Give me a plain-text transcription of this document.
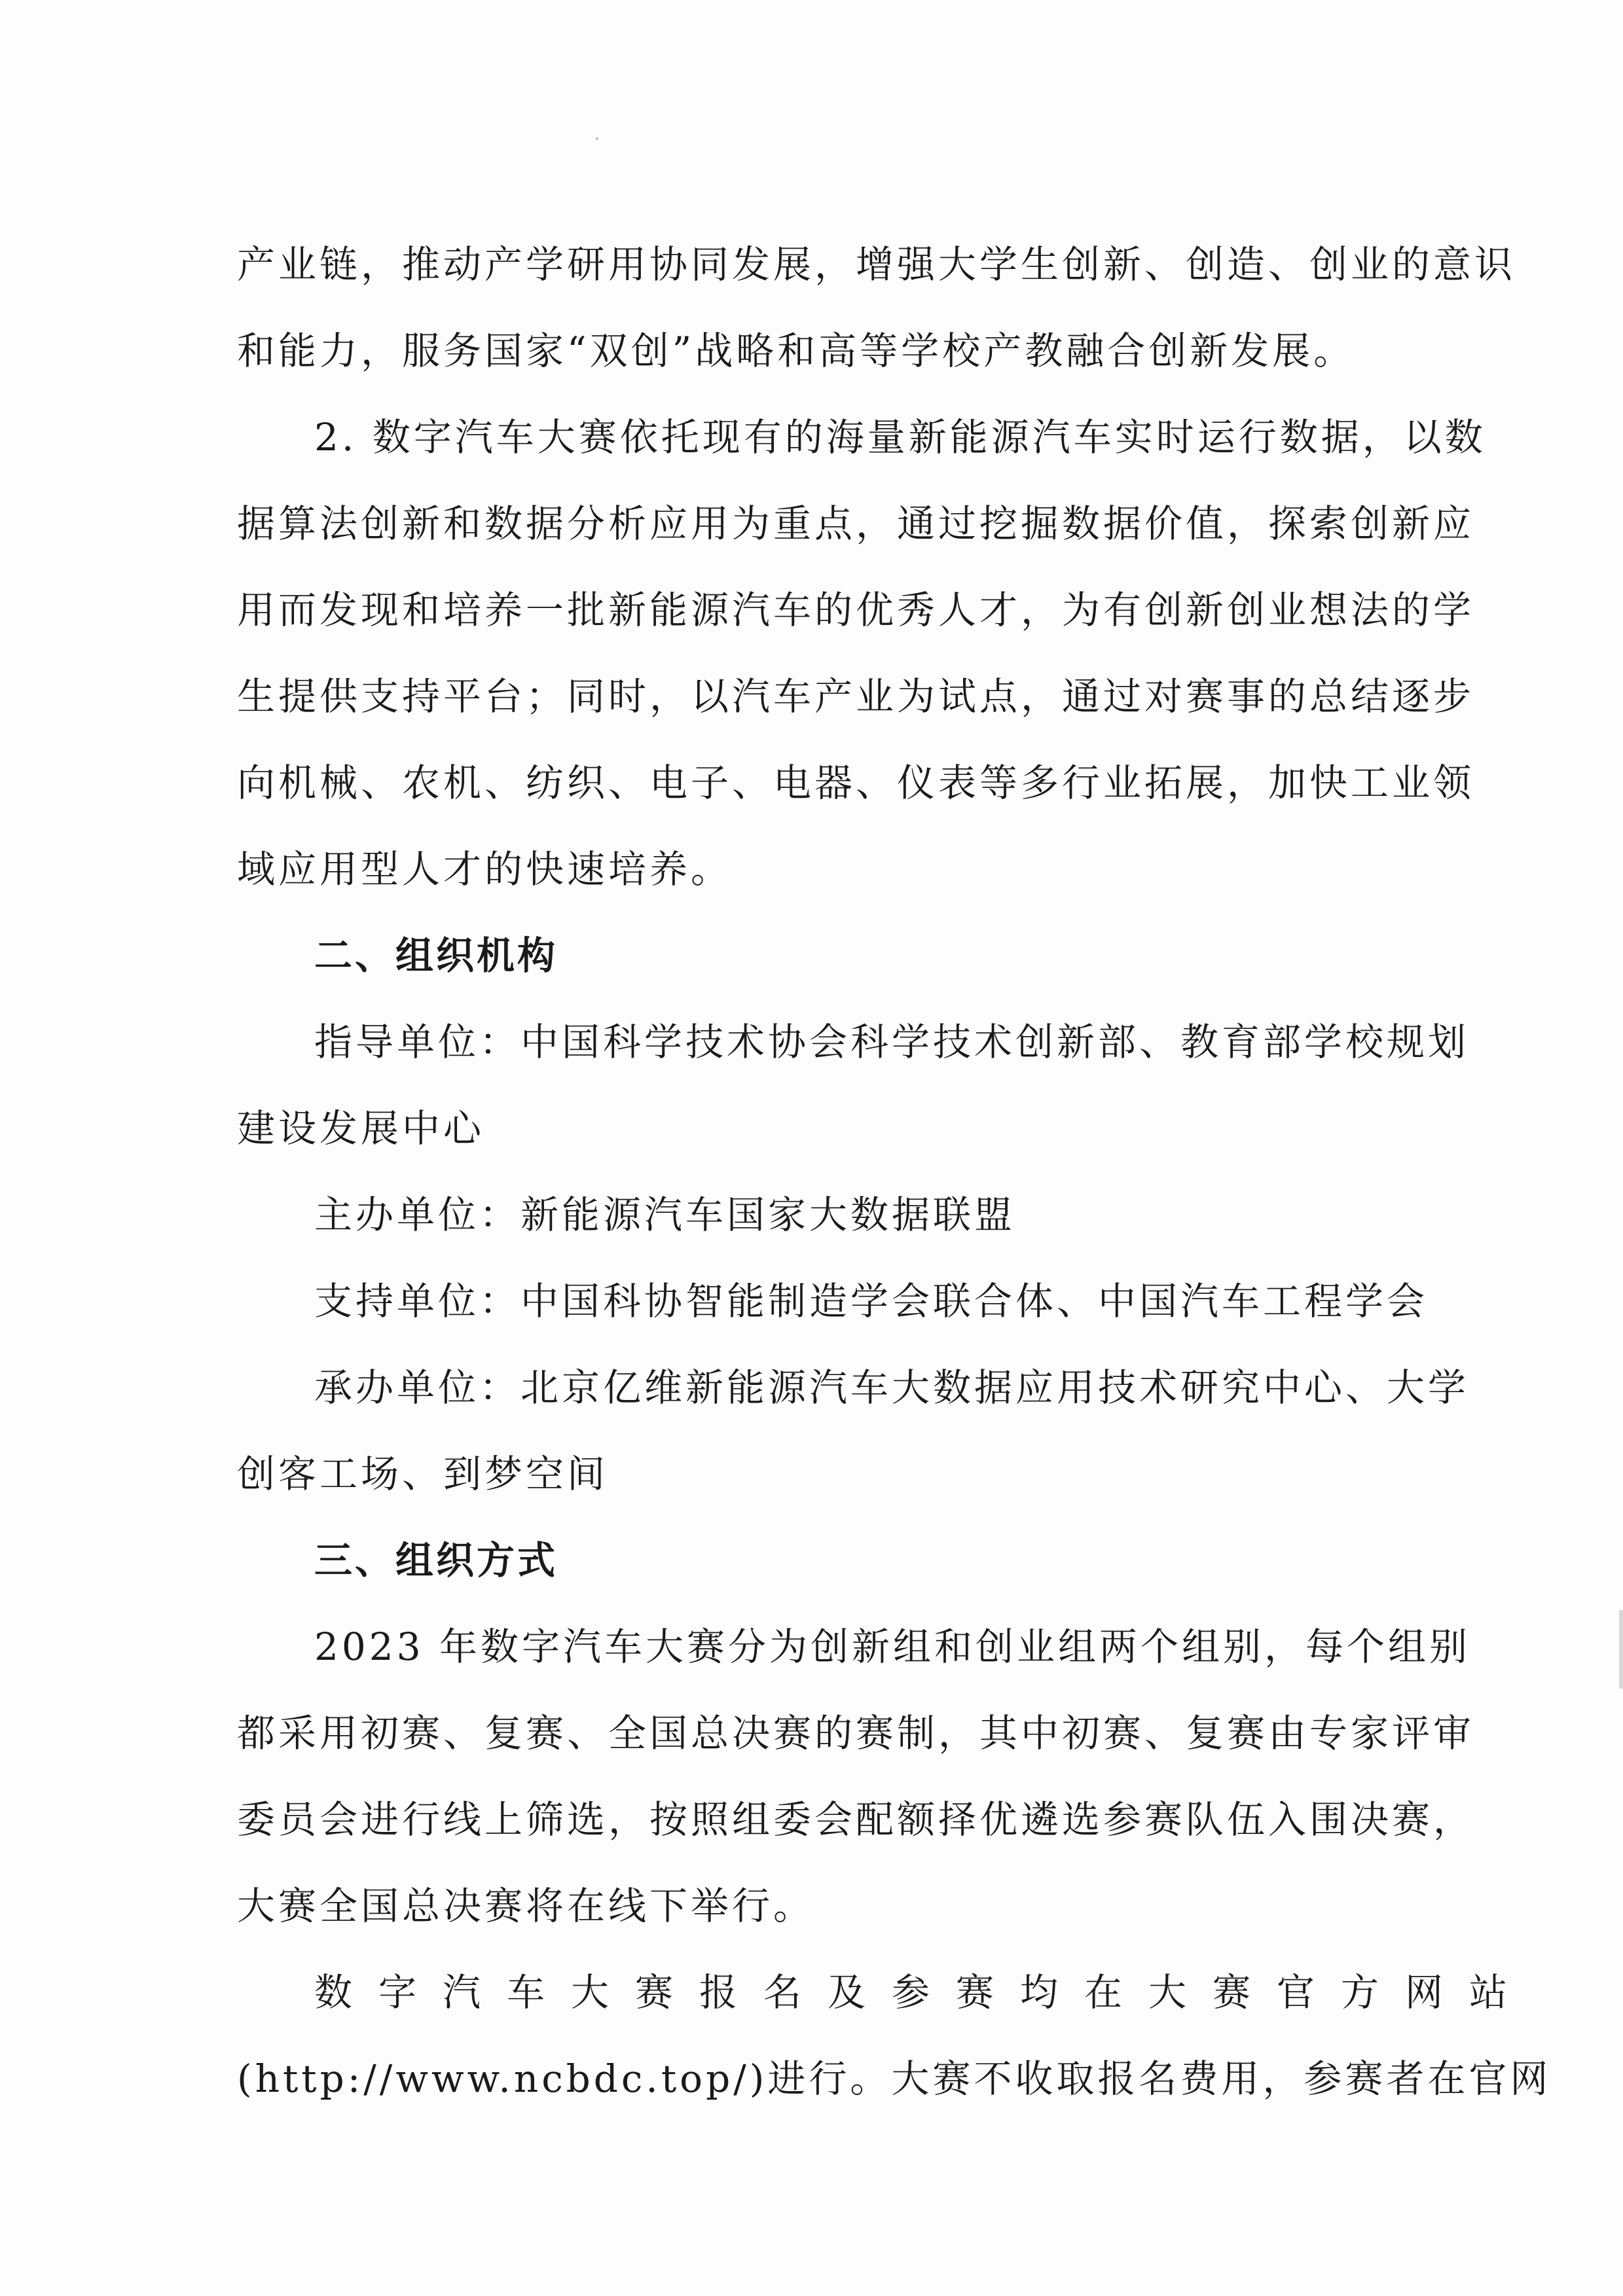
产业链，推动产学研用协同发展，增强大学生创新、创造、创业的意识
和能力，服务国家“双创”战略和高等学校产教融合创新发展。
2. 数字汽车大赛依托现有的海量新能源汽车实时运行数据，以数
据算法创新和数据分析应用为重点，通过挖掘数据价值，探索创新应
用而发现和培养一批新能源汽车的优秀人才，为有创新创业想法的学
生提供支持平台；同时，以汽车产业为试点，通过对赛事的总结逐步
向机械、农机、纺织、电子、电器、仪表等多行业拓展，加快工业领
域应用型人才的快速培养。
二、组织机构
指导单位：中国科学技术协会科学技术创新部、教育部学校规划
建设发展中心
主办单位：新能源汽车国家大数据联盟
支持单位：中国科协智能制造学会联合体、中国汽车工程学会
承办单位：北京亿维新能源汽车大数据应用技术研究中心、大学
创客工场、到梦空间
三、组织方式
2023 年数字汽车大赛分为创新组和创业组两个组别，每个组别
都采用初赛、复赛、全国总决赛的赛制，其中初赛、复赛由专家评审
委员会进行线上筛选，按照组委会配额择优遴选参赛队伍入围决赛，
大赛全国总决赛将在线下举行。
数字汽车大赛报名及参赛均在大赛官方网站
(http://www.ncbdc.top/)进行。大赛不收取报名费用，参赛者在官网
